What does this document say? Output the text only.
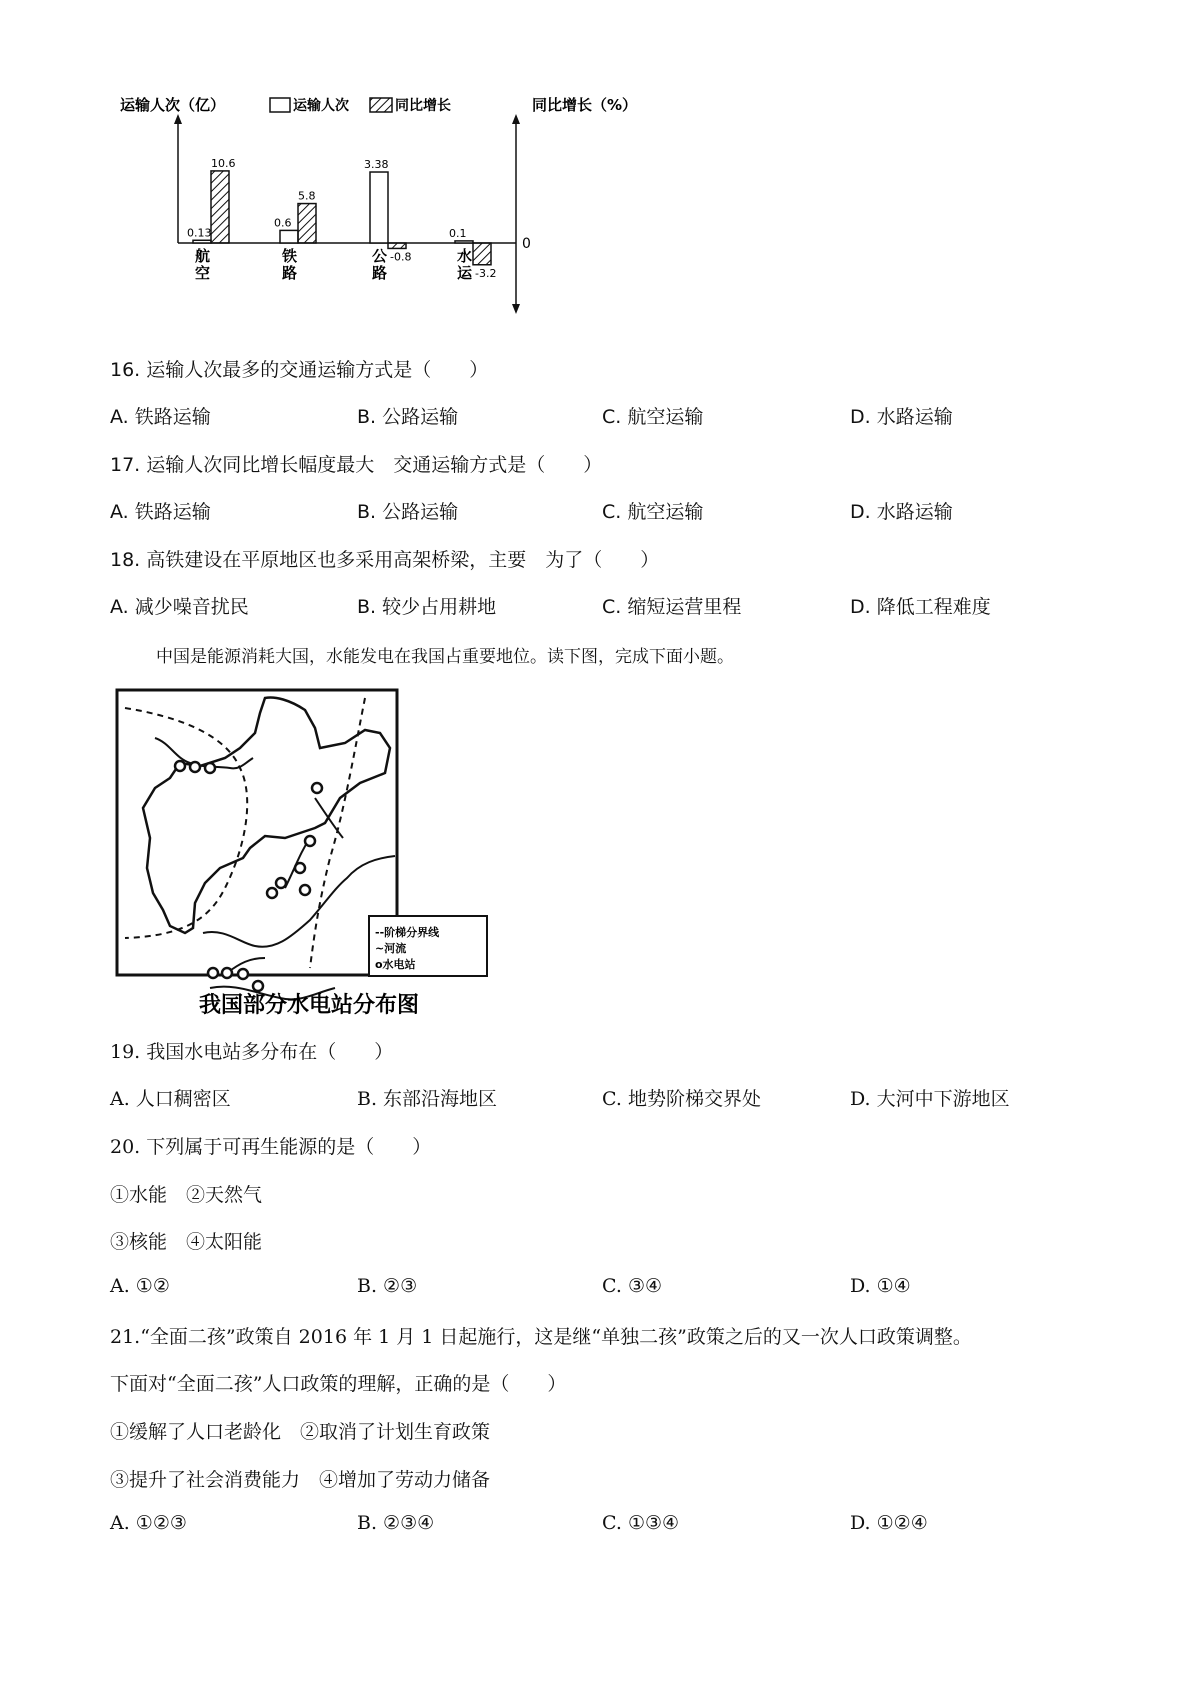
运输人次（亿）	运输人次	同比增长	同比增长（%）
0
0.13
10.6
航
空
0.6
5.8
铁
路
3.38
-0.8
公
路
0.1
-3.2
水
运
中国是能源消耗大国，水能发电在我国占重要地位。读下图，完成下面小题。
--阶梯分界线
~河流
o水电站
我国部分水电站分布图
16. 运输人次最多的交通运输方式是（　　）
A. 铁路运输	B. 公路运输	C. 航空运输	D. 水路运输
17. 运输人次同比增长幅度最大　交通运输方式是（　　）
A. 铁路运输	B. 公路运输	C. 航空运输	D. 水路运输
18. 高铁建设在平原地区也多采用高架桥梁，主要　为了（　　）
A. 减少噪音扰民	B. 较少占用耕地	C. 缩短运营里程	D. 降低工程难度
19. 我国水电站多分布在（　　）
A. 人口稠密区	B. 东部沿海地区	C. 地势阶梯交界处	D. 大河中下游地区
20. 下列属于可再生能源的是（　　）
①水能　②天然气
③核能　④太阳能
A. ①②	B. ②③	C. ③④	D. ①④
21.“全面二孩”政策自 2016 年 1 月 1 日起施行，这是继“单独二孩”政策之后的又一次人口政策调整。
下面对“全面二孩”人口政策的理解，正确的是（　　）
①缓解了人口老龄化　②取消了计划生育政策
③提升了社会消费能力　④增加了劳动力储备
A. ①②③	B. ②③④	C. ①③④	D. ①②④
